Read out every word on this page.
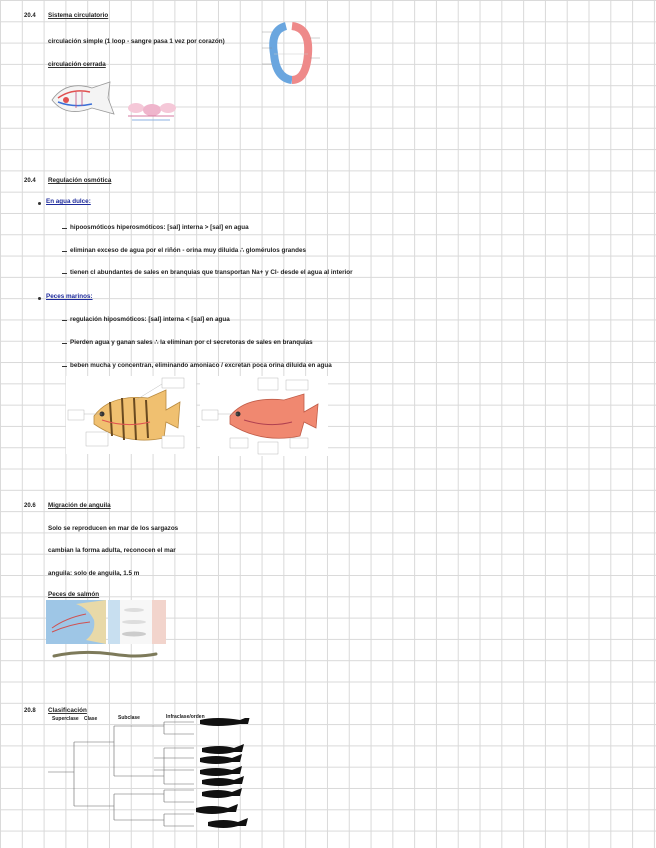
20.4 Sistema circulatorio
circulación simple (1 loop - sangre pasa 1 vez por corazón)
circulación cerrada
20.4 Regulación osmótica
En agua dulce:
hipoosmóticos hiperosmóticos: [sal] interna > [sal] en agua
eliminan exceso de agua por el riñón - orina muy diluida ∴ glomérulos grandes
tienen cl abundantes de sales en branquias que transportan Na+ y Cl- desde el agua al interior
Peces marinos:
regulación hiposmóticos: [sal] interna < [sal] en agua
Pierden agua y ganan sales ∴ la eliminan por cl secretoras de sales en branquias
beben mucha y concentran, eliminando amoniaco / excretan poca orina diluida en agua
20.6 Migración de anguila
Solo se reproducen en mar de los sargazos
cambian la forma adulta, reconocen el mar
anguila: solo de anguila, 1.5 m
Peces de salmón
20.8 Clasificación
Superclase Clase	Subclase	Infraclase/orden
